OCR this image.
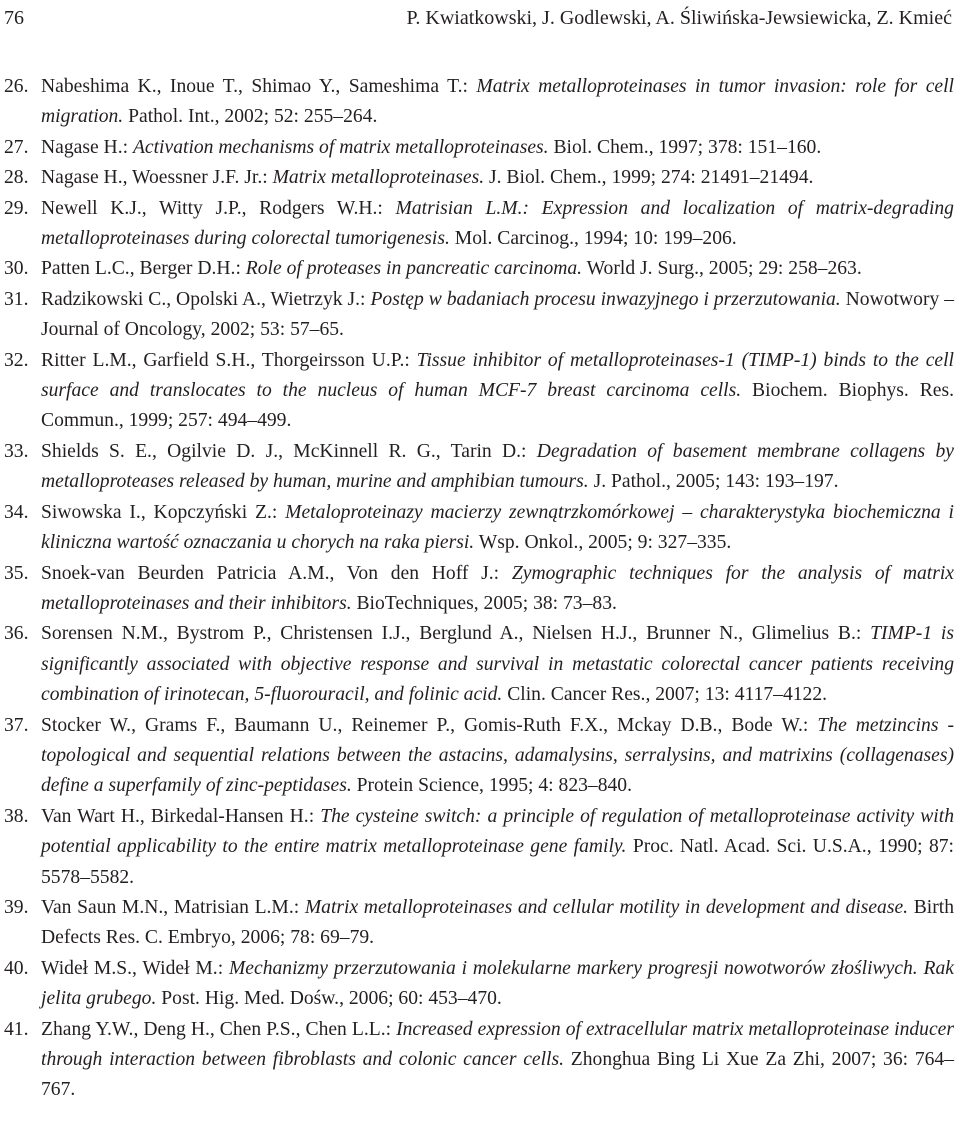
76	P. Kwiatkowski, J. Godlewski, A. Śliwińska-Jewsiewicka, Z. Kmieć
26. Nabeshima K., Inoue T., Shimao Y., Sameshima T.: Matrix metalloproteinases in tumor invasion: role for cell migration. Pathol. Int., 2002; 52: 255–264.
27. Nagase H.: Activation mechanisms of matrix metalloproteinases. Biol. Chem., 1997; 378: 151–160.
28. Nagase H., Woessner J.F. Jr.: Matrix metalloproteinases. J. Biol. Chem., 1999; 274: 21491–21494.
29. Newell K.J., Witty J.P., Rodgers W.H.: Matrisian L.M.: Expression and localization of matrix-degrading metalloproteinases during colorectal tumorigenesis. Mol. Carcinog., 1994; 10: 199–206.
30. Patten L.C., Berger D.H.: Role of proteases in pancreatic carcinoma. World J. Surg., 2005; 29: 258–263.
31. Radzikowski C., Opolski A., Wietrzyk J.: Postęp w badaniach procesu inwazyjnego i przerzutowania. Nowotwory – Journal of Oncology, 2002; 53: 57–65.
32. Ritter L.M., Garfield S.H., Thorgeirsson U.P.: Tissue inhibitor of metalloproteinases-1 (TIMP-1) binds to the cell surface and translocates to the nucleus of human MCF-7 breast carcinoma cells. Biochem. Biophys. Res. Commun., 1999; 257: 494–499.
33. Shields S. E., Ogilvie D. J., McKinnell R. G., Tarin D.: Degradation of basement membrane collagens by metalloproteases released by human, murine and amphibian tumours. J. Pathol., 2005; 143: 193–197.
34. Siwowska I., Kopczyński Z.: Metaloproteinazy macierzy zewnątrzkomórkowej – charakterystyka biochemiczna i kliniczna wartość oznaczania u chorych na raka piersi. Wsp. Onkol., 2005; 9: 327–335.
35. Snoek-van Beurden Patricia A.M., Von den Hoff J.: Zymographic techniques for the analysis of matrix metalloproteinases and their inhibitors. BioTechniques, 2005; 38: 73–83.
36. Sorensen N.M., Bystrom P., Christensen I.J., Berglund A., Nielsen H.J., Brunner N., Glimelius B.: TIMP-1 is significantly associated with objective response and survival in metastatic colorectal cancer patients receiving combination of irinotecan, 5-fluorouracil, and folinic acid. Clin. Cancer Res., 2007; 13: 4117–4122.
37. Stocker W., Grams F., Baumann U., Reinemer P., Gomis-Ruth F.X., Mckay D.B., Bode W.: The metzincins - topological and sequential relations between the astacins, adamalysins, serralysins, and matrixins (collagenases) define a superfamily of zinc-peptidases. Protein Science, 1995; 4: 823–840.
38. Van Wart H., Birkedal-Hansen H.: The cysteine switch: a principle of regulation of metalloproteinase activity with potential applicability to the entire matrix metalloproteinase gene family. Proc. Natl. Acad. Sci. U.S.A., 1990; 87: 5578–5582.
39. Van Saun M.N., Matrisian L.M.: Matrix metalloproteinases and cellular motility in development and disease. Birth Defects Res. C. Embryo, 2006; 78: 69–79.
40. Wideł M.S., Wideł M.: Mechanizmy przerzutowania i molekularne markery progresji nowotworów złośliwych. Rak jelita grubego. Post. Hig. Med. Dośw., 2006; 60: 453–470.
41. Zhang Y.W., Deng H., Chen P.S., Chen L.L.: Increased expression of extracellular matrix metalloproteinase inducer through interaction between fibroblasts and colonic cancer cells. Zhonghua Bing Li Xue Za Zhi, 2007; 36: 764–767.
